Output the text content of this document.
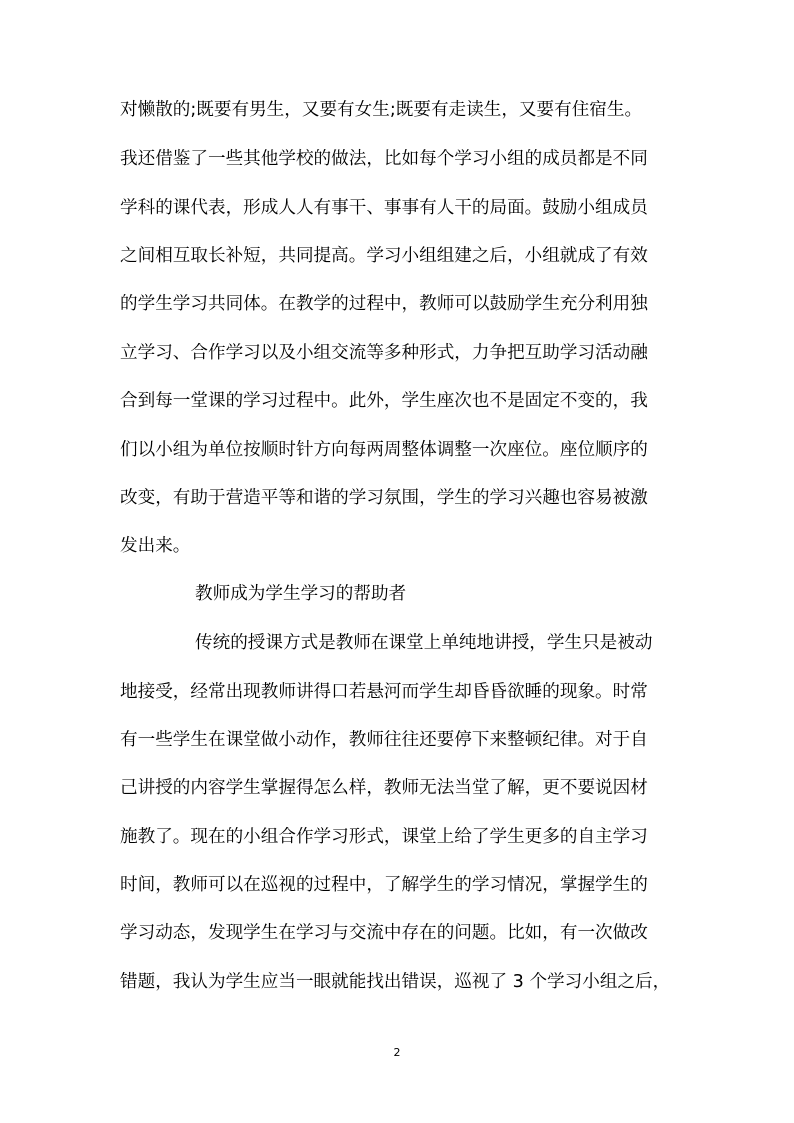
对懒散的;既要有男生，又要有女生;既要有走读生，又要有住宿生。
我还借鉴了一些其他学校的做法，比如每个学习小组的成员都是不同
学科的课代表，形成人人有事干、事事有人干的局面。鼓励小组成员
之间相互取长补短，共同提高。学习小组组建之后，小组就成了有效
的学生学习共同体。在教学的过程中，教师可以鼓励学生充分利用独
立学习、合作学习以及小组交流等多种形式，力争把互助学习活动融
合到每一堂课的学习过程中。此外，学生座次也不是固定不变的，我
们以小组为单位按顺时针方向每两周整体调整一次座位。座位顺序的
改变，有助于营造平等和谐的学习氛围，学生的学习兴趣也容易被激
发出来。
教师成为学生学习的帮助者
传统的授课方式是教师在课堂上单纯地讲授，学生只是被动
地接受，经常出现教师讲得口若悬河而学生却昏昏欲睡的现象。时常
有一些学生在课堂做小动作，教师往往还要停下来整顿纪律。对于自
己讲授的内容学生掌握得怎么样，教师无法当堂了解，更不要说因材
施教了。现在的小组合作学习形式，课堂上给了学生更多的自主学习
时间，教师可以在巡视的过程中，了解学生的学习情况，掌握学生的
学习动态，发现学生在学习与交流中存在的问题。比如，有一次做改
错题，我认为学生应当一眼就能找出错误，巡视了 3 个学习小组之后，
2
